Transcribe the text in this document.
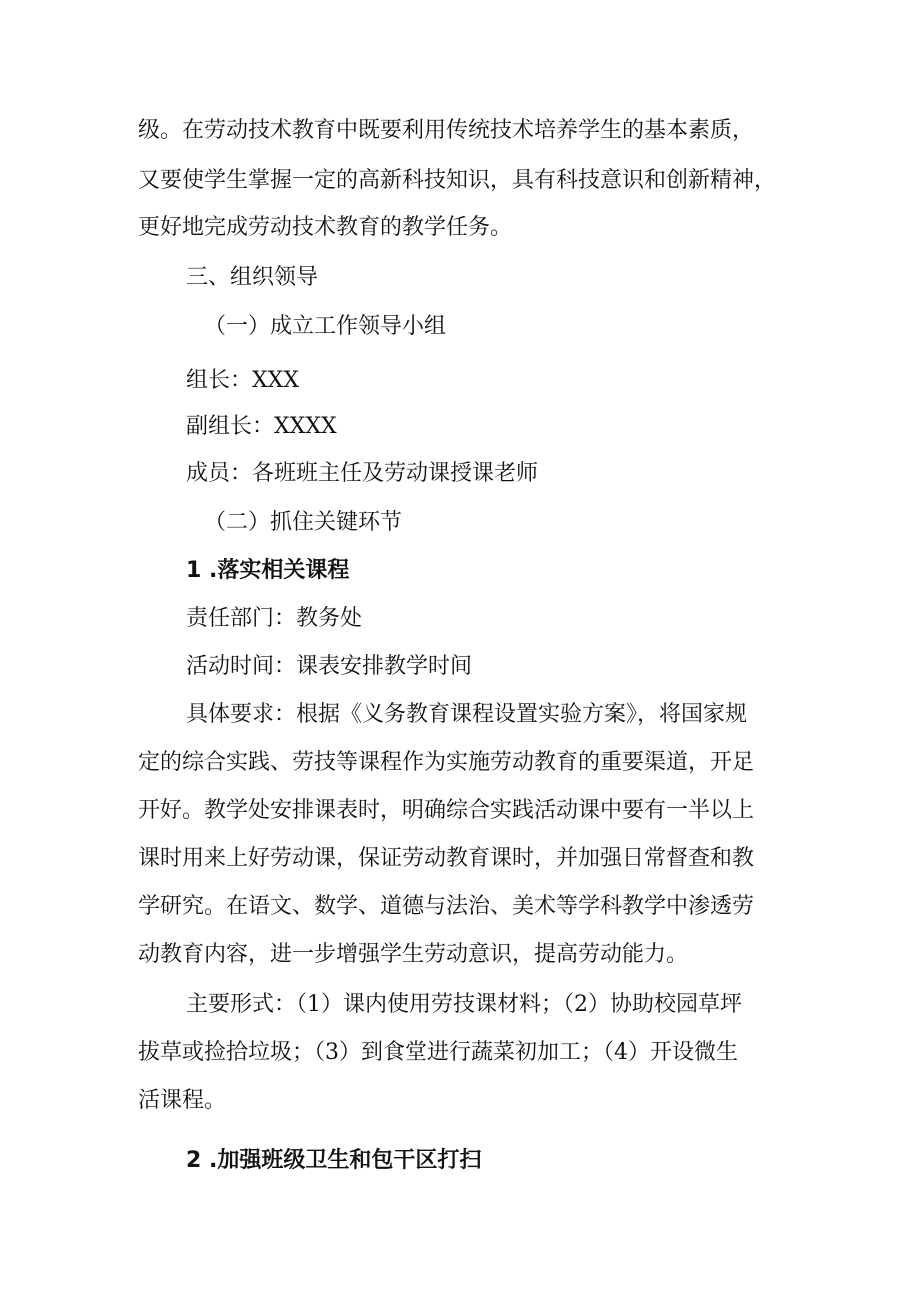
级。在劳动技术教育中既要利用传统技术培养学生的基本素质，
又要使学生掌握一定的高新科技知识，具有科技意识和创新精神，
更好地完成劳动技术教育的教学任务。
三、组织领导
（一）成立工作领导小组
组长：XXX
副组长：XXXX
成员：各班班主任及劳动课授课老师
（二）抓住关键环节
1 .落实相关课程
责任部门：教务处
活动时间：课表安排教学时间
具体要求：根据《义务教育课程设置实验方案》，将国家规
定的综合实践、劳技等课程作为实施劳动教育的重要渠道，开足
开好。教学处安排课表时，明确综合实践活动课中要有一半以上
课时用来上好劳动课，保证劳动教育课时，并加强日常督查和教
学研究。在语文、数学、道德与法治、美术等学科教学中渗透劳
动教育内容，进一步增强学生劳动意识，提高劳动能力。
主要形式：（1）课内使用劳技课材料；（2）协助校园草坪
拔草或捡拾垃圾；（3）到食堂进行蔬菜初加工；（4）开设微生
活课程。
2 .加强班级卫生和包干区打扫
